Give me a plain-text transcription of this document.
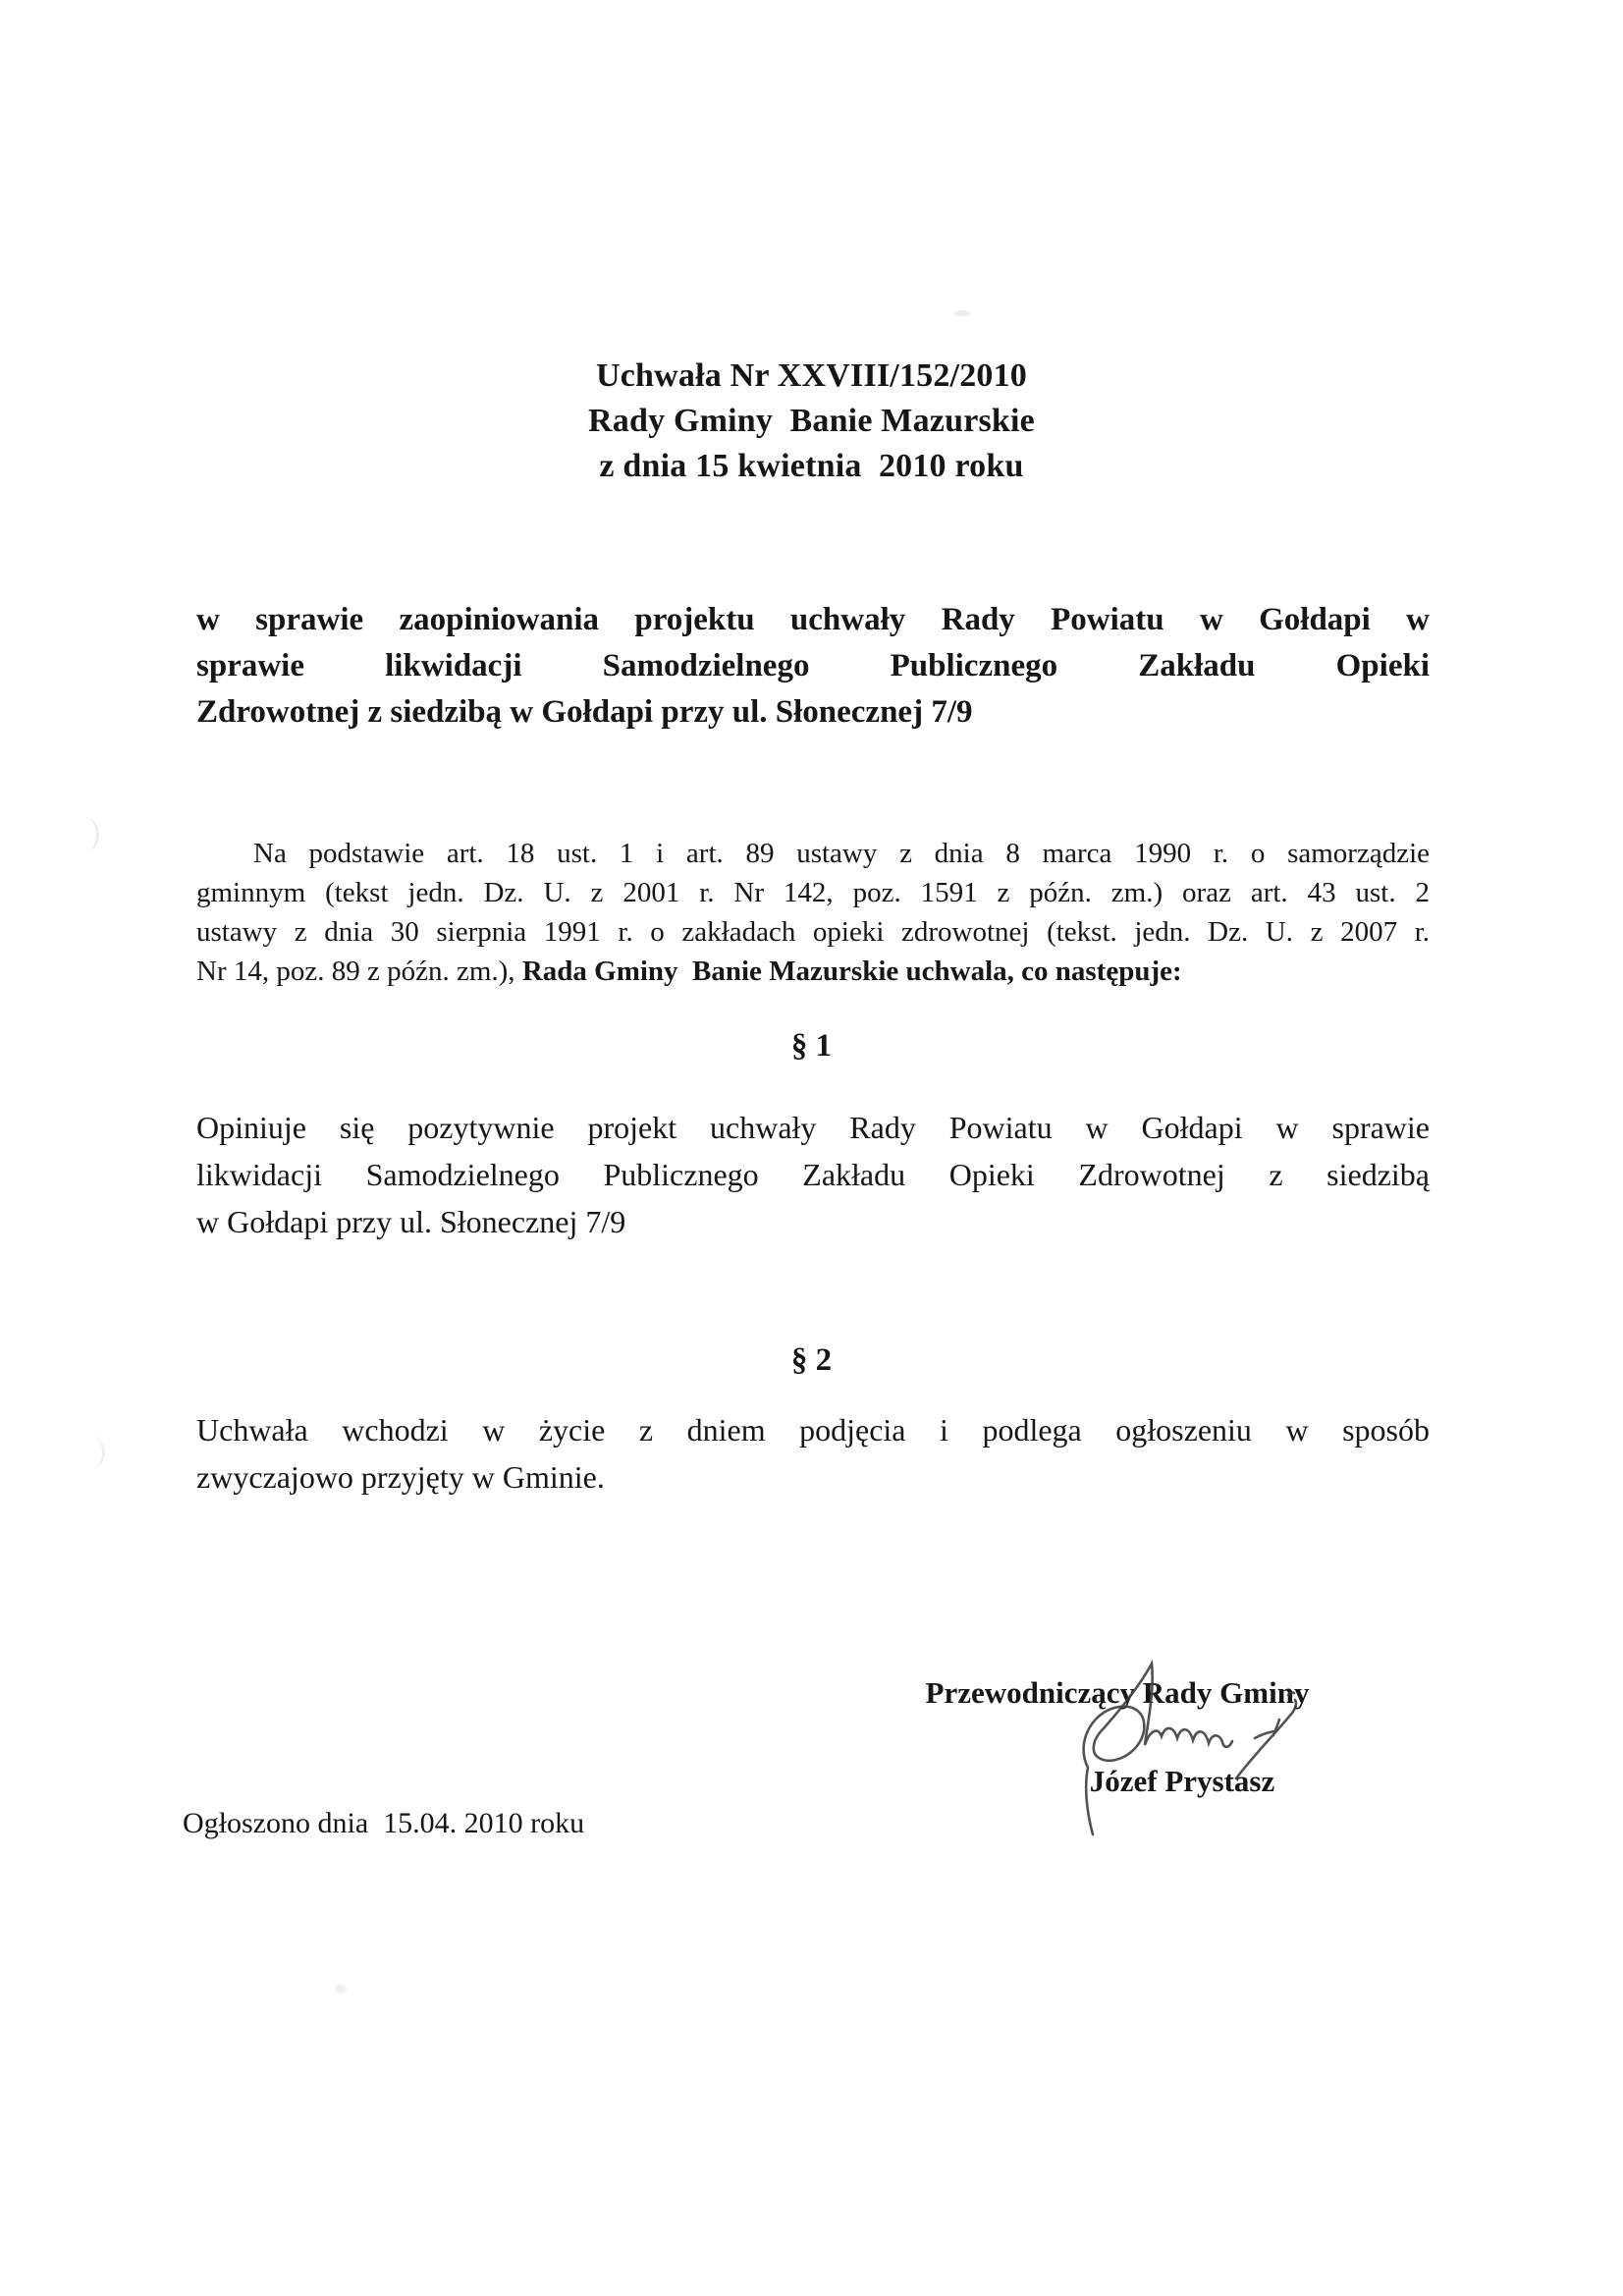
Uchwała Nr XXVIII/152/2010
Rady Gminy  Banie Mazurskie
z dnia 15 kwietnia  2010 roku
w sprawie zaopiniowania projektu uchwały Rady Powiatu w Gołdapi w
sprawie likwidacji Samodzielnego Publicznego Zakładu Opieki
Zdrowotnej z siedzibą w Gołdapi przy ul. Słonecznej 7/9
Na podstawie art. 18 ust. 1 i art. 89 ustawy z dnia 8 marca 1990 r. o samorządzie
gminnym (tekst jedn. Dz. U. z 2001 r. Nr 142, poz. 1591 z późn. zm.) oraz art. 43 ust. 2
ustawy z dnia 30 sierpnia 1991 r. o zakładach opieki zdrowotnej (tekst. jedn. Dz. U. z 2007 r.
Nr 14, poz. 89 z późn. zm.), Rada Gminy  Banie Mazurskie uchwala, co następuje:
§ 1
Opiniuje się pozytywnie projekt uchwały Rady Powiatu w Gołdapi w sprawie
likwidacji Samodzielnego Publicznego Zakładu Opieki Zdrowotnej z siedzibą
w Gołdapi przy ul. Słonecznej 7/9
§ 2
Uchwała wchodzi w życie z dniem podjęcia i podlega ogłoszeniu w sposób
zwyczajowo przyjęty w Gminie.
Przewodniczący Rady Gminy
Józef Prystasz
Ogłoszono dnia  15.04. 2010 roku
